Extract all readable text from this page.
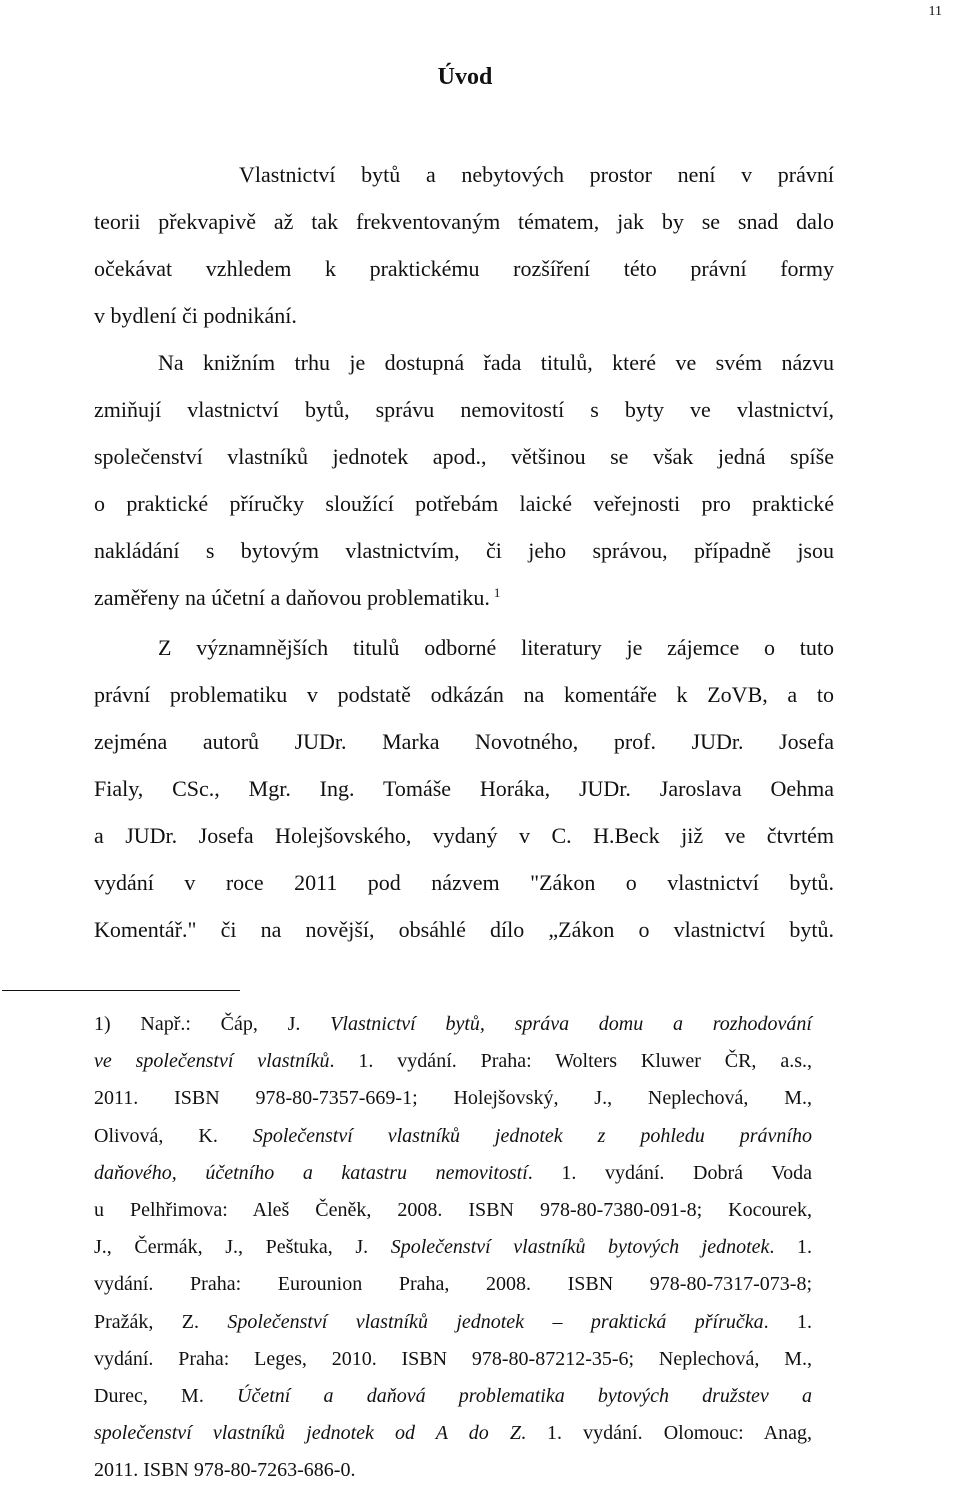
11
Úvod
Vlastnictví bytů a nebytových prostor není v právní
teorii překvapivě až tak frekventovaným tématem, jak by se snad dalo
očekávat vzhledem k praktickému rozšíření této právní formy
v bydlení či podnikání.
Na knižním trhu je dostupná řada titulů, které ve svém názvu
zmiňují vlastnictví bytů, správu nemovitostí s byty ve vlastnictví,
společenství vlastníků jednotek apod., většinou se však jedná spíše
o praktické příručky sloužící potřebám laické veřejnosti pro praktické
nakládání s bytovým vlastnictvím, či jeho správou, případně jsou
zaměřeny na účetní a daňovou problematiku. $^1$
Z významnějších titulů odborné literatury je zájemce o tuto
právní problematiku v podstatě odkázán na komentáře k ZoVB, a to
zejména autorů JUDr. Marka Novotného, prof. JUDr. Josefa
Fialy, CSc., Mgr. Ing. Tomáše Horáka, JUDr. Jaroslava Oehma
a JUDr. Josefa Holejšovského, vydaný v C. H.Beck již ve čtvrtém
vydání v roce 2011 pod názvem "Zákon o vlastnictví bytů.
Komentář." či na novější, obsáhlé dílo „Zákon o vlastnictví bytů.
1) Např.: Čáp, J. Vlastnictví bytů, správa domu a rozhodování
ve společenství vlastníků. 1. vydání. Praha: Wolters Kluwer ČR, a.s.,
2011. ISBN 978-80-7357-669-1; Holejšovský, J., Neplechová, M.,
Olivová, K. Společenství vlastníků jednotek z pohledu právního
daňového, účetního a katastru nemovitostí. 1. vydání. Dobrá Voda
u Pelhřimova: Aleš Čeněk, 2008. ISBN 978-80-7380-091-8; Kocourek,
J., Čermák, J., Peštuka, J. Společenství vlastníků bytových jednotek. 1.
vydání. Praha: Eurounion Praha, 2008. ISBN 978-80-7317-073-8;
Pražák, Z. Společenství vlastníků jednotek – praktická příručka. 1.
vydání. Praha: Leges, 2010. ISBN 978-80-87212-35-6; Neplechová, M.,
Durec, M. Účetní a daňová problematika bytových družstev a
společenství vlastníků jednotek od A do Z. 1. vydání. Olomouc: Anag,
2011. ISBN 978-80-7263-686-0.
